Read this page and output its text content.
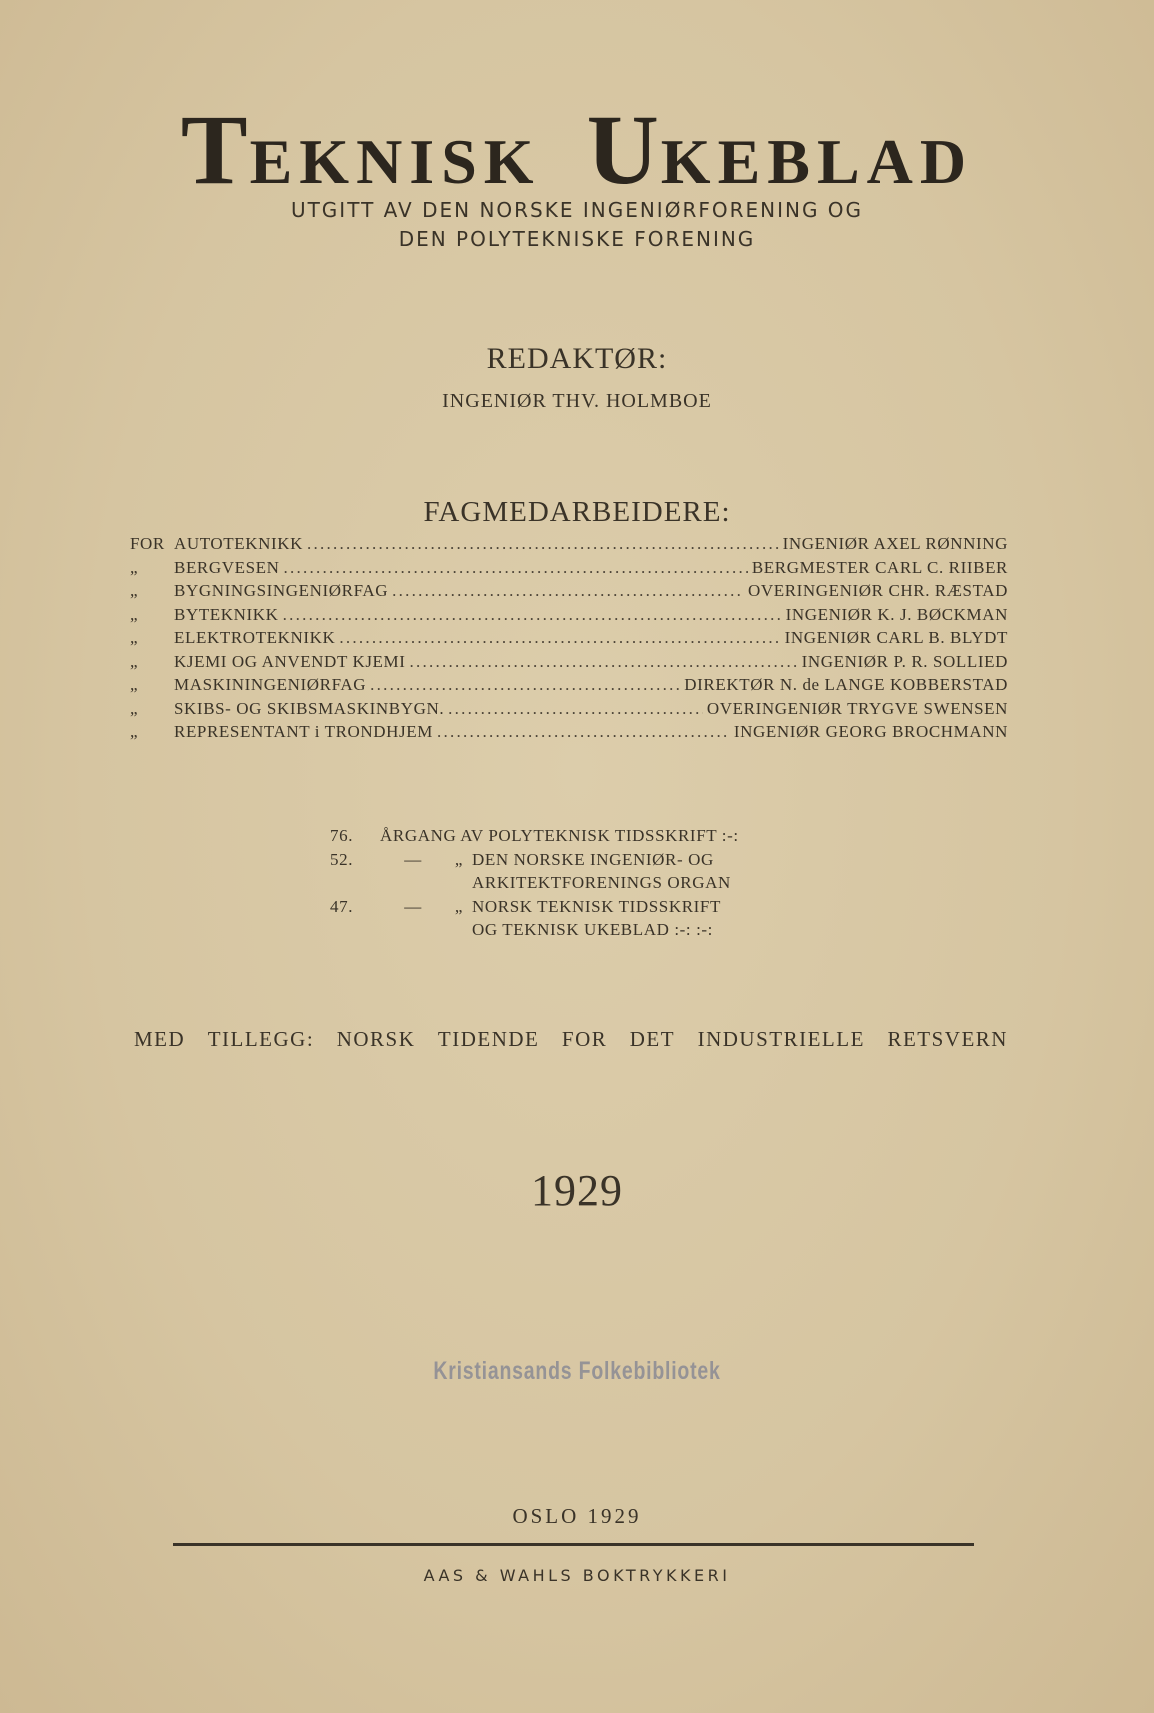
TEKNISK UKEBLAD
UTGITT AV DEN NORSKE INGENIØRFORENING OG
DEN POLYTEKNISKE FORENING
REDAKTØR:
INGENIØR THV. HOLMBOE
FAGMEDARBEIDERE:
FOR AUTOTEKNIKK . . .	INGENIØR AXEL RØNNING
„	BERGVESEN . . .	BERGMESTER CARL C. RIIBER
„	BYGNINGSINGENIØRFAG . . .	OVERINGENIØR CHR. RÆSTAD
„	BYTEKNIKK . . .	INGENIØR K. J. BØCKMAN
„	ELEKTROTEKNIKK . . .	INGENIØR CARL B. BLYDT
„	KJEMI OG ANVENDT KJEMI . . .	INGENIØR P. R. SOLLIED
„	MASKININGENIØRFAG . . .	DIREKTØR N. de LANGE KOBBERSTAD
„	SKIBS- OG SKIBSMASKINBYGN. . . .	OVERINGENIØR TRYGVE SWENSEN
„	REPRESENTANT i TRONDHJEM . . .	INGENIØR GEORG BROCHMANN
76.	ÅRGANG AV POLYTEKNISK TIDSSKRIFT :-:
52.	—	„ DEN NORSKE INGENIØR- OG
ARKITEKTFORENINGS ORGAN
47.	—	„ NORSK TEKNISK TIDSSKRIFT
OG TEKNISK UKEBLAD :-: :-:
MED TILLEGG: NORSK TIDENDE FOR DET INDUSTRIELLE RETSVERN
1929
Kristiansands Folkebibliotek
OSLO 1929
AAS & WAHLS BOKTRYKKERI
